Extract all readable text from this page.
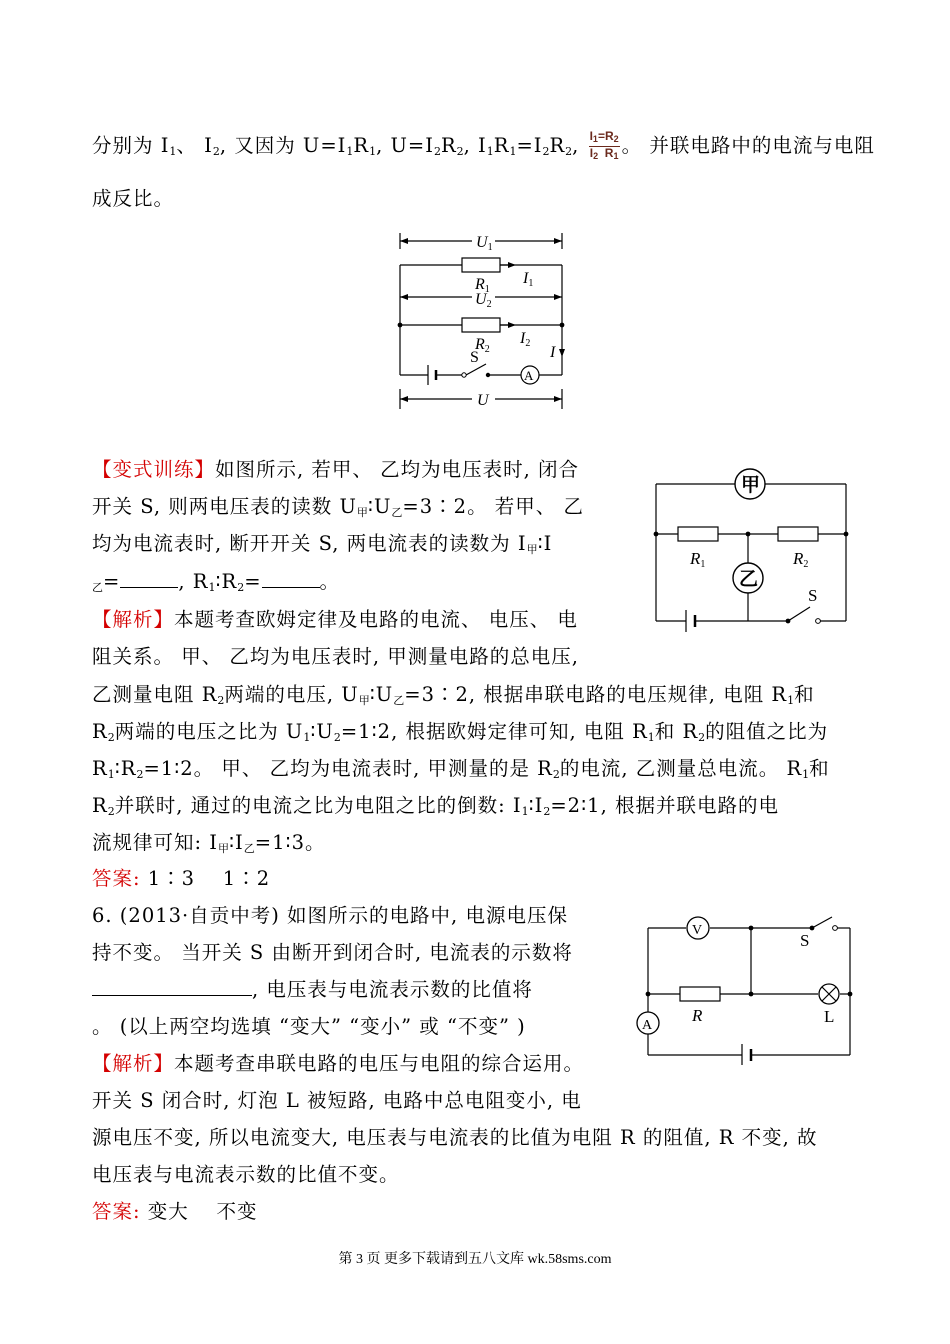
分别为 $I_1$、 $I_2$, 又因为 $U=I_1R_1$, $U=I_2R_2$, $I_1R_1=I_2R_2$, $\frac{I_1=R_2}{I_2 R_1}$ 。 并联电路中的电流与电阻
成反比。
U1
R1
I1
U2
R2
I2
I
S
A
U
【变式训练】如图所示, 若甲、 乙均为电压表时, 闭合
开关 S, 则两电压表的读数 $U_甲∶U_乙=3∶2$。 若甲、 乙
均为电流表时, 断开开关 S, 两电流表的读数为 $I_甲∶I$
$_乙$=	, $R_1∶R_2=$	。
甲
乙
R1	R2
S
【解析】本题考查欧姆定律及电路的电流、 电压、 电
阻关系。 甲、 乙均为电压表时, 甲测量电路的总电压,
乙测量电阻 $R_2$两端的电压, $U_甲∶U_乙=3∶2$, 根据串联电路的电压规律, 电阻 $R_1$和
$R_2$两端的电压之比为 $U_1∶U_2=1∶2$, 根据欧姆定律可知, 电阻 $R_1$和 $R_2$的阻值之比为
$R_1∶R_2=1∶2$。 甲、 乙均为电流表时, 甲测量的是 $R_2$的电流, 乙测量总电流。 $R_1$和
$R_2$并联时, 通过的电流之比为电阻之比的倒数: $I_1∶I_2=2∶1$, 根据并联电路的电
流规律可知: $I_甲∶I_乙=1∶3$。
答案: 1∶3　 1∶2
6. (2013·自贡中考) 如图所示的电路中, 电源电压保
持不变。 当开关 S 由断开到闭合时, 电流表的示数将
, 电压表与电流表示数的比值将
。 (以上两空均选填 “变大” “变小” 或 “不变” )
V
S
R	L
A
【解析】本题考查串联电路的电压与电阻的综合运用。
开关 S 闭合时, 灯泡 L 被短路, 电路中总电阻变小, 电
源电压不变, 所以电流变大, 电压表与电流表的比值为电阻 R 的阻值, R 不变, 故
电压表与电流表示数的比值不变。
答案: 变大　 不变
第 3 页 更多下载请到五八文库 wk.58sms.com
